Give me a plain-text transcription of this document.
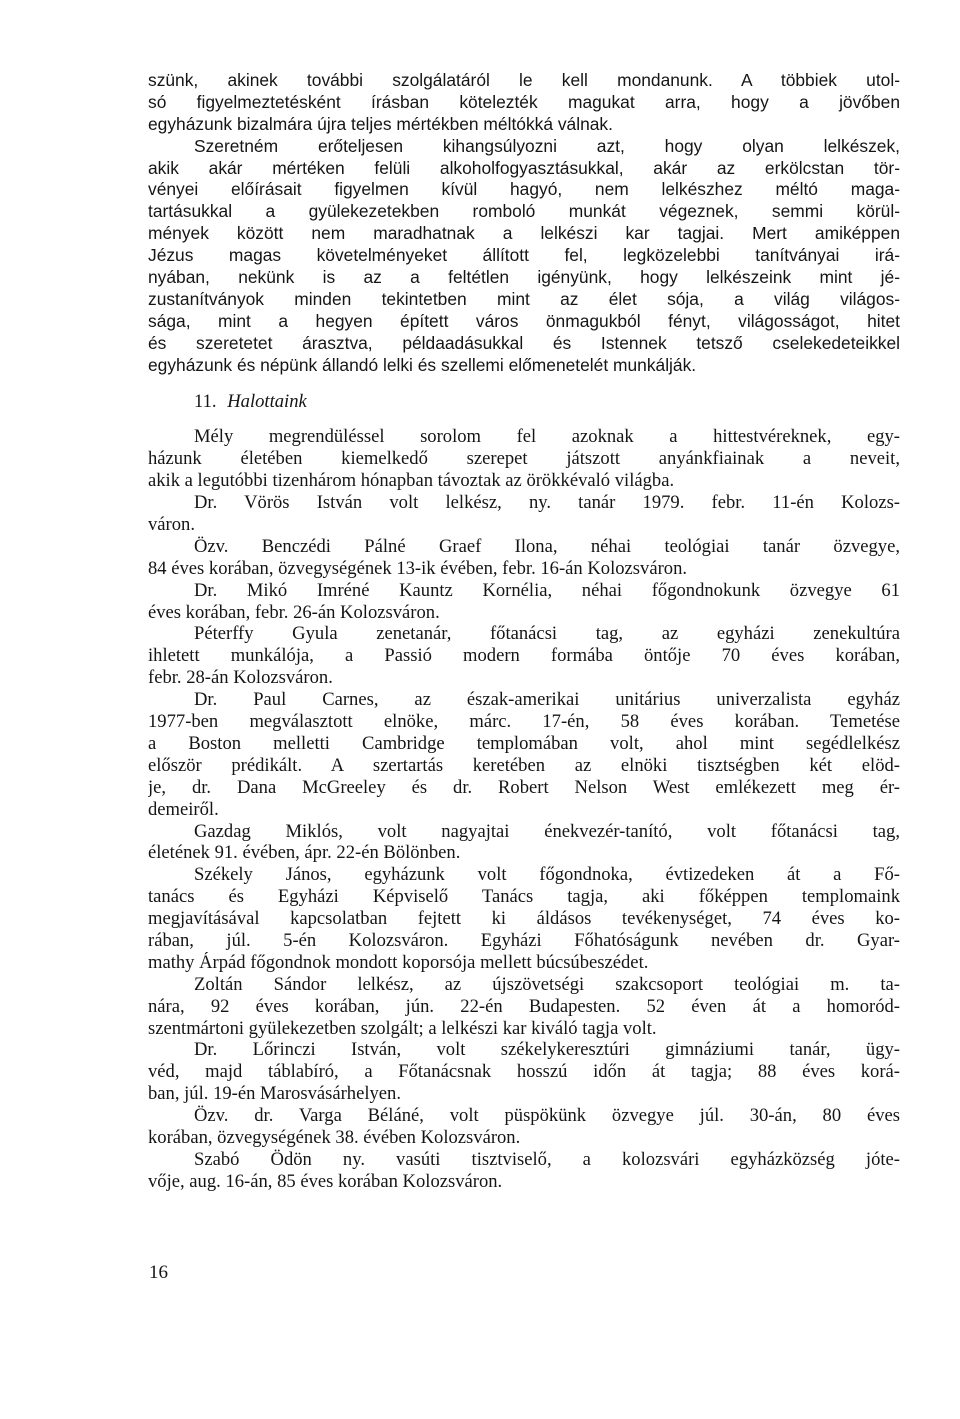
szünk, akinek további szolgálatáról le kell mondanunk. A többiek utol-
só figyelmeztetésként írásban kötelezték magukat arra, hogy a jövőben
egyházunk bizalmára újra teljes mértékben méltókká válnak.
Szeretném erőteljesen kihangsúlyozni azt, hogy olyan lelkészek,
akik akár mértéken felüli alkoholfogyasztásukkal, akár az erkölcstan tör-
vényei előírásait figyelmen kívül hagyó, nem lelkészhez méltó maga-
tartásukkal a gyülekezetekben romboló munkát végeznek, semmi körül-
mények között nem maradhatnak a lelkészi kar tagjai. Mert amiképpen
Jézus magas követelményeket állított fel, legközelebbi tanítványai irá-
nyában, nekünk is az a feltétlen igényünk, hogy lelkészeink mint jé-
zustanítványok minden tekintetben mint az élet sója, a világ világos-
sága, mint a hegyen épített város önmagukból fényt, világosságot, hitet
és szeretetet árasztva, példaadásukkal és Istennek tetsző cselekedeteikkel
egyházunk és népünk állandó lelki és szellemi előmenetelét munkálják.
11. Halottaink
Mély megrendüléssel sorolom fel azoknak a hittestvéreknek, egy-
házunk életében kiemelkedő szerepet játszott anyánkfiainak a neveit,
akik a legutóbbi tizenhárom hónapban távoztak az örökkévaló világba.
Dr. Vörös István volt lelkész, ny. tanár 1979. febr. 11-én Kolozs-
váron.
Özv. Benczédi Pálné Graef Ilona, néhai teológiai tanár özvegye,
84 éves korában, özvegységének 13-ik évében, febr. 16-án Kolozsváron.
Dr. Mikó Imréné Kauntz Kornélia, néhai főgondnokunk özvegye 61
éves korában, febr. 26-án Kolozsváron.
Péterffy Gyula zenetanár, főtanácsi tag, az egyházi zenekultúra
ihletett munkálója, a Passió modern formába öntője 70 éves korában,
febr. 28-án Kolozsváron.
Dr. Paul Carnes, az észak-amerikai unitárius univerzalista egyház
1977-ben megválasztott elnöke, márc. 17-én, 58 éves korában. Temetése
a Boston melletti Cambridge templomában volt, ahol mint segédlelkész
először prédikált. A szertartás keretében az elnöki tisztségben két elöd-
je, dr. Dana McGreeley és dr. Robert Nelson West emlékezett meg ér-
demeiről.
Gazdag Miklós, volt nagyajtai énekvezér-tanító, volt főtanácsi tag,
életének 91. évében, ápr. 22-én Bölönben.
Székely János, egyházunk volt főgondnoka, évtizedeken át a Fő-
tanács és Egyházi Képviselő Tanács tagja, aki főképpen templomaink
megjavításával kapcsolatban fejtett ki áldásos tevékenységet, 74 éves ko-
rában, júl. 5-én Kolozsváron. Egyházi Főhatóságunk nevében dr. Gyar-
mathy Árpád főgondnok mondott koporsója mellett búcsúbeszédet.
Zoltán Sándor lelkész, az újszövetségi szakcsoport teológiai m. ta-
nára, 92 éves korában, jún. 22-én Budapesten. 52 éven át a homoród-
szentmártoni gyülekezetben szolgált; a lelkészi kar kiváló tagja volt.
Dr. Lőrinczi István, volt székelykeresztúri gimnáziumi tanár, ügy-
véd, majd táblabíró, a Főtanácsnak hosszú időn át tagja; 88 éves korá-
ban, júl. 19-én Marosvásárhelyen.
Özv. dr. Varga Béláné, volt püspökünk özvegye júl. 30-án, 80 éves
korában, özvegységének 38. évében Kolozsváron.
Szabó Ödön ny. vasúti tisztviselő, a kolozsvári egyházközség jóte-
vője, aug. 16-án, 85 éves korában Kolozsváron.
16
